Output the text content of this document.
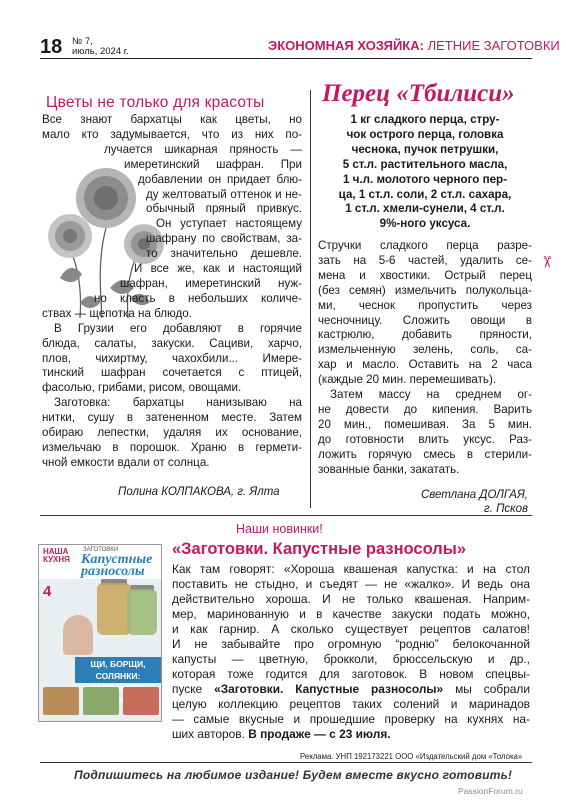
18 № 7,
июль, 2024 г.	ЭКОНОМНАЯ ХОЗЯЙКА: ЛЕТНИЕ ЗАГОТОВКИ
Цветы не только для красоты
Все знают бархатцы как цветы, но
мало кто задумывается, что из них по-
лучается шикарная пряность —
имеретинский шафран. При
добавлении он придает блю-
ду желтоватый оттенок и не-
обычный пряный привкус.
Он уступает настоящему
шафрану по свойствам, за-
то значительно дешевле.
И все же, как и настоящий
шафран, имеретинский нуж-
но класть в небольших количе-
ствах — щепотка на блюдо.
В Грузии его добавляют в горячие
блюда, салаты, закуски. Сациви, харчо,
плов, чихиртму, чахохбили... Имере-
тинский шафран сочетается с птицей,
фасолью, грибами, рисом, овощами.
Заготовка: бархатцы нанизываю на
нитки, сушу в затененном месте. Затем
обираю лепестки, удаляя их основание,
измельчаю в порошок. Храню в гермети-
чной емкости вдали от солнца.
Полина КОЛПАКОВА, г. Ялта
Перец «Тбилиси»
1 кг сладкого перца, стру-
чок острого перца, головка
чеснока, пучок петрушки,
5 ст.л. растительного масла,
1 ч.л. молотого черного пер-
ца, 1 ст.л. соли, 2 ст.л. сахара,
1 ст.л. хмели-сунели, 4 ст.л.
9%-ного уксуса.
Стручки сладкого перца разре-
зать на 5-6 частей, удалить се-
мена и хвостики. Острый перец
(без семян) измельчить полукольца-
ми, чеснок пропустить через
чесночницу. Сложить овощи в
кастрюлю, добавить пряности,
измельченную зелень, соль, са-
хар и масло. Оставить на 2 часа
(каждые 20 мин. перемешивать).
Затем массу на среднем ог-
не довести до кипения. Варить
20 мин., помешивая. За 5 мин.
до готовности влить уксус. Раз-
ложить горячую смесь в стерили-
зованные банки, закатать.
Светлана ДОЛГАЯ,
г. Псков
✂
Наши новинки!
НАША КУХНЯ
ЗАГОТОВКИ
Капустные разносолы
4
ЩИ, БОРЩИ, СОЛЯНКИ:
«Заготовки. Капустные разносолы»
Как там говорят: «Хороша квашеная капустка: и на стол
поставить не стыдно, и съедят — не «жалко». И ведь она
действительно хороша. И не только квашеная. Наприм-
мер, маринованную и в качестве закуски подать можно,
и как гарнир. А сколько существует рецептов салатов!
И не забывайте про огромную “родню” белокочанной
капусты — цветную, брокколи, брюссельскую и др.,
которая тоже годится для заготовок. В новом спецвы-
пуске «Заготовки. Капустные разносолы» мы собрали
целую коллекцию рецептов таких солений и маринадов
— самые вкусные и прошедшие проверку на кухнях на-
ших авторов. В продаже — с 23 июля.
Реклама. УНП 192173221 ООО «Издательский дом «Толока»
Подпишитесь на любимое издание! Будем вместе вкусно готовить!
PassionForum.ru
